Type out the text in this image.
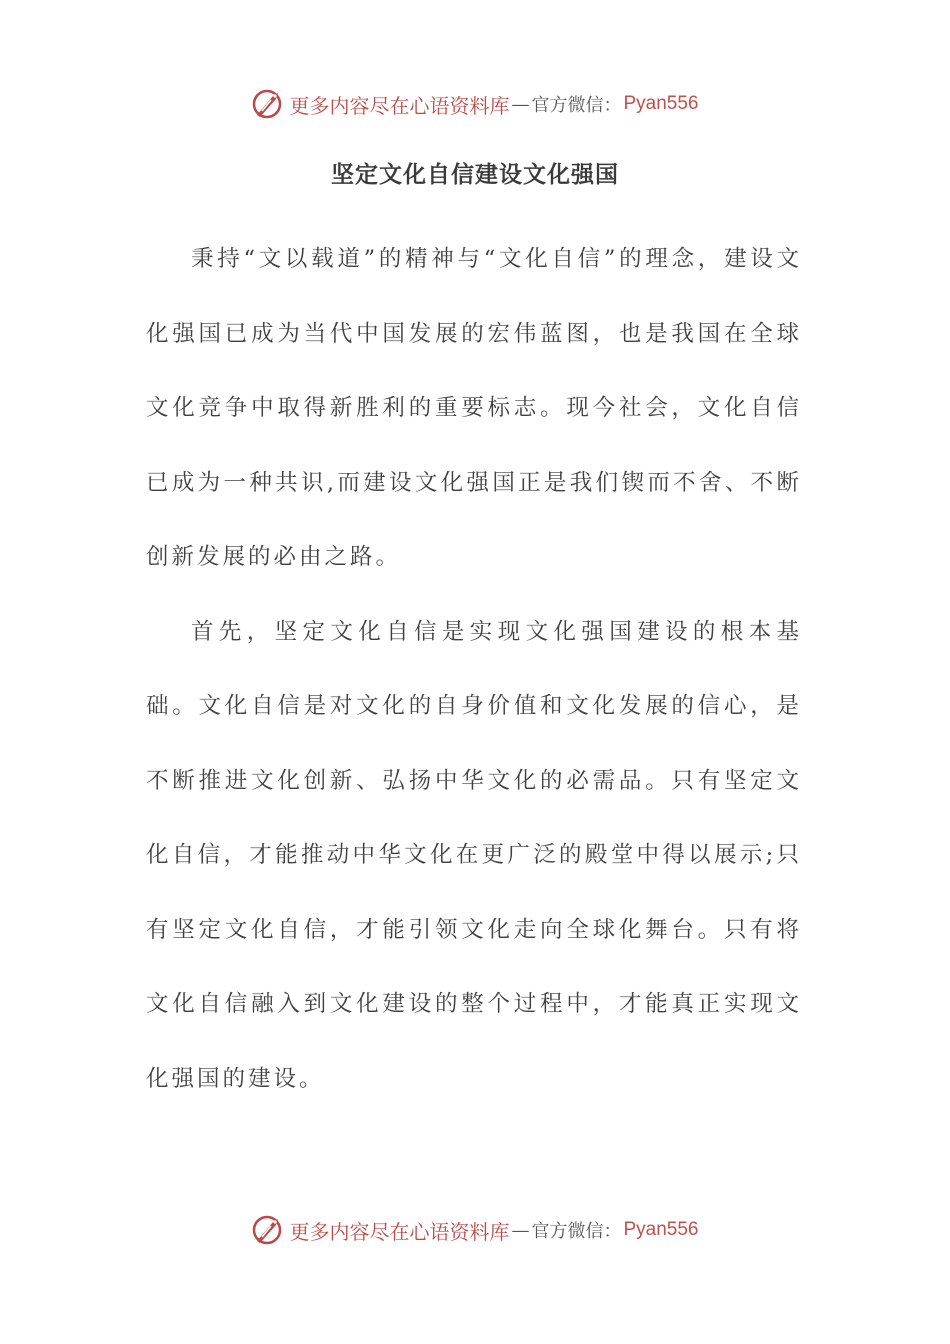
更多内容尽在心语资料库 — 官方微信： Pyan556
坚定文化自信建设文化强国

秉持“文以载道”的精神与“文化自信”的理念，建设文化强国已成为当代中国发展的宏伟蓝图，也是我国在全球文化竞争中取得新胜利的重要标志。现今社会，文化自信已成为一种共识,而建设文化强国正是我们锲而不舍、不断创新发展的必由之路。

首先，坚定文化自信是实现文化强国建设的根本基础。文化自信是对文化的自身价值和文化发展的信心，是不断推进文化创新、弘扬中华文化的必需品。只有坚定文化自信，才能推动中华文化在更广泛的殿堂中得以展示;只有坚定文化自信，才能引领文化走向全球化舞台。只有将文化自信融入到文化建设的整个过程中，才能真正实现文化强国的建设。

更多内容尽在心语资料库 — 官方微信： Pyan556
